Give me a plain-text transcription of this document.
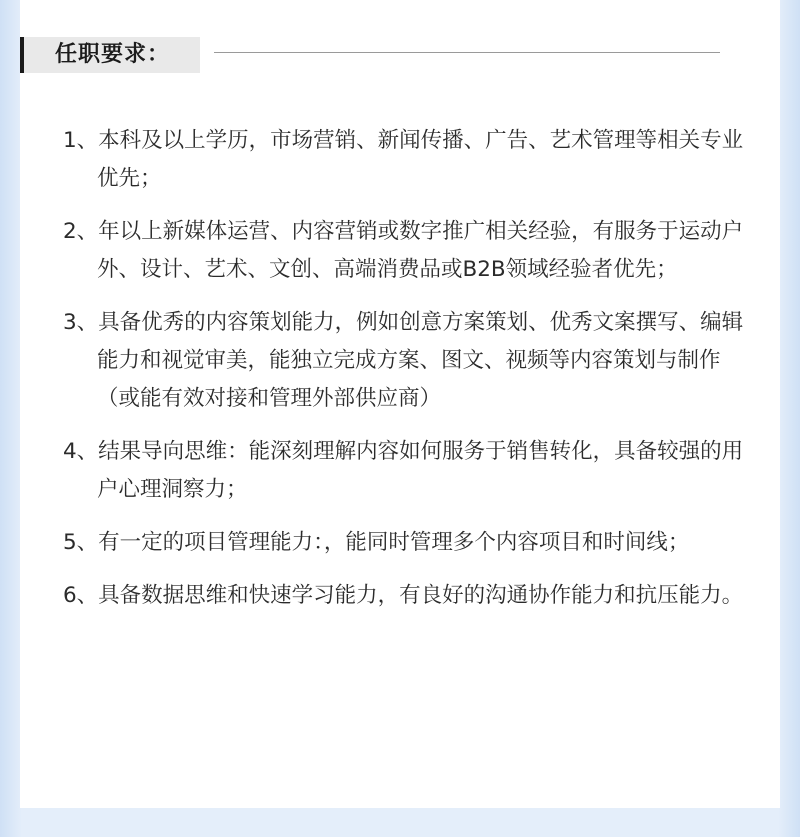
任职要求：
1、本科及以上学历，市场营销、新闻传播、广告、艺术管理等相关专业优先；
2、年以上新媒体运营、内容营销或数字推广相关经验，有服务于运动户外、设计、艺术、文创、高端消费品或B2B领域经验者优先；
3、具备优秀的内容策划能力，例如创意方案策划、优秀文案撰写、编辑能力和视觉审美，能独立完成方案、图文、视频等内容策划与制作（或能有效对接和管理外部供应商）
4、结果导向思维：能深刻理解内容如何服务于销售转化，具备较强的用户心理洞察力；
5、有一定的项目管理能力：，能同时管理多个内容项目和时间线；
6、具备数据思维和快速学习能力，有良好的沟通协作能力和抗压能力。
